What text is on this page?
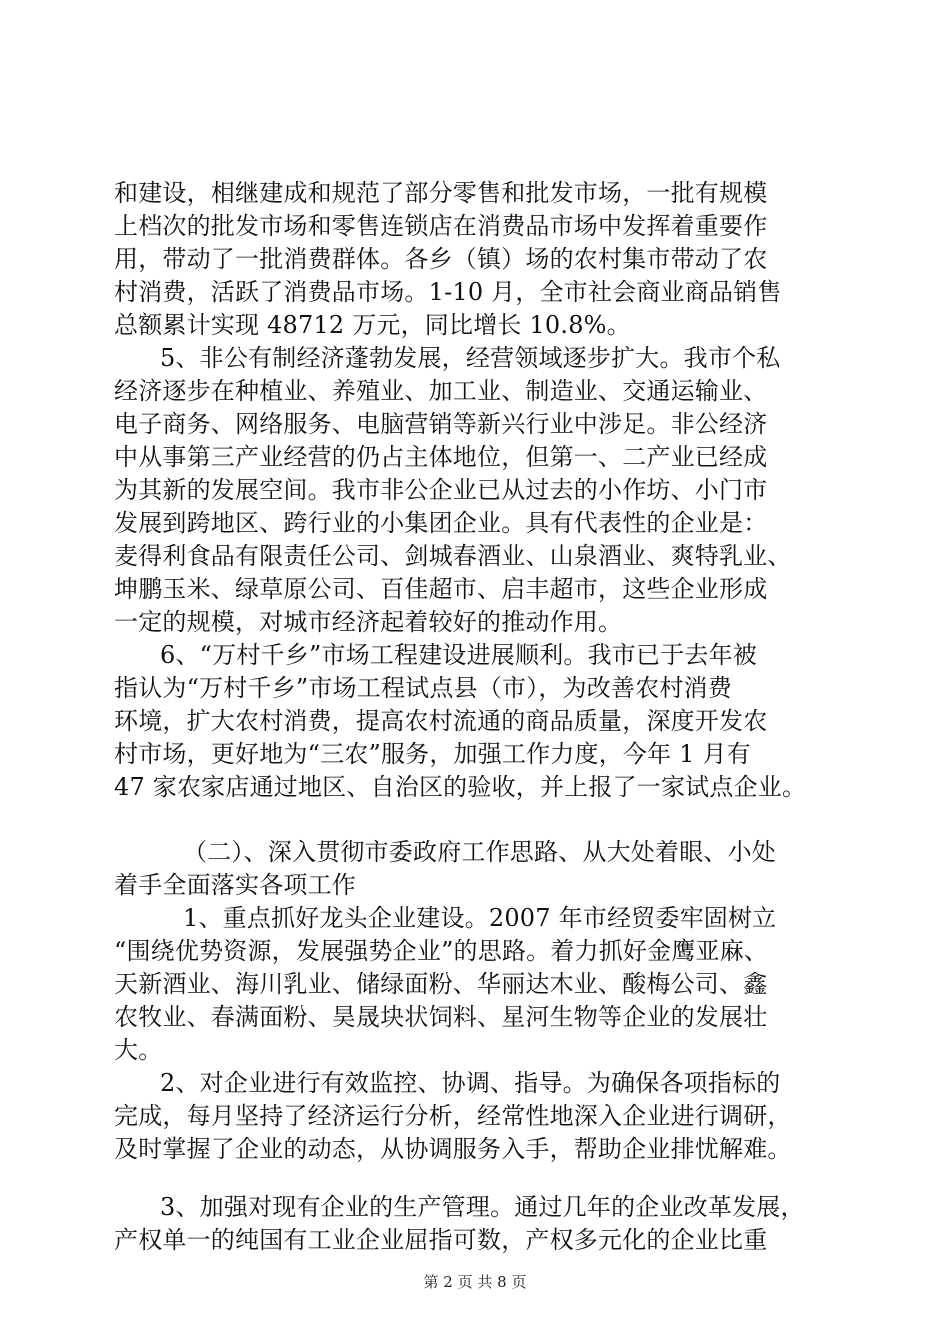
和建设，相继建成和规范了部分零售和批发市场，一批有规模
上档次的批发市场和零售连锁店在消费品市场中发挥着重要作
用，带动了一批消费群体。各乡（镇）场的农村集市带动了农
村消费，活跃了消费品市场。1-10 月，全市社会商业商品销售
总额累计实现 48712 万元，同比增长 10.8%。
5、非公有制经济蓬勃发展，经营领域逐步扩大。我市个私
经济逐步在种植业、养殖业、加工业、制造业、交通运输业、
电子商务、网络服务、电脑营销等新兴行业中涉足。非公经济
中从事第三产业经营的仍占主体地位，但第一、二产业已经成
为其新的发展空间。我市非公企业已从过去的小作坊、小门市
发展到跨地区、跨行业的小集团企业。具有代表性的企业是：
麦得利食品有限责任公司、剑城春酒业、山泉酒业、爽特乳业、
坤鹏玉米、绿草原公司、百佳超市、启丰超市，这些企业形成
一定的规模，对城市经济起着较好的推动作用。
6、“万村千乡”市场工程建设进展顺利。我市已于去年被
指认为“万村千乡”市场工程试点县（市），为改善农村消费
环境，扩大农村消费，提高农村流通的商品质量，深度开发农
村市场，更好地为“三农”服务，加强工作力度，今年 1 月有
47 家农家店通过地区、自治区的验收，并上报了一家试点企业。
（二）、深入贯彻市委政府工作思路、从大处着眼、小处
着手全面落实各项工作
1、重点抓好龙头企业建设。2007 年市经贸委牢固树立
“围绕优势资源，发展强势企业”的思路。着力抓好金鹰亚麻、
天新酒业、海川乳业、储绿面粉、华丽达木业、酸梅公司、鑫
农牧业、春满面粉、昊晟块状饲料、星河生物等企业的发展壮
大。
2、对企业进行有效监控、协调、指导。为确保各项指标的
完成，每月坚持了经济运行分析，经常性地深入企业进行调研，
及时掌握了企业的动态，从协调服务入手，帮助企业排忧解难。
3、加强对现有企业的生产管理。通过几年的企业改革发展，
产权单一的纯国有工业企业屈指可数，产权多元化的企业比重
第 2 页 共 8 页
